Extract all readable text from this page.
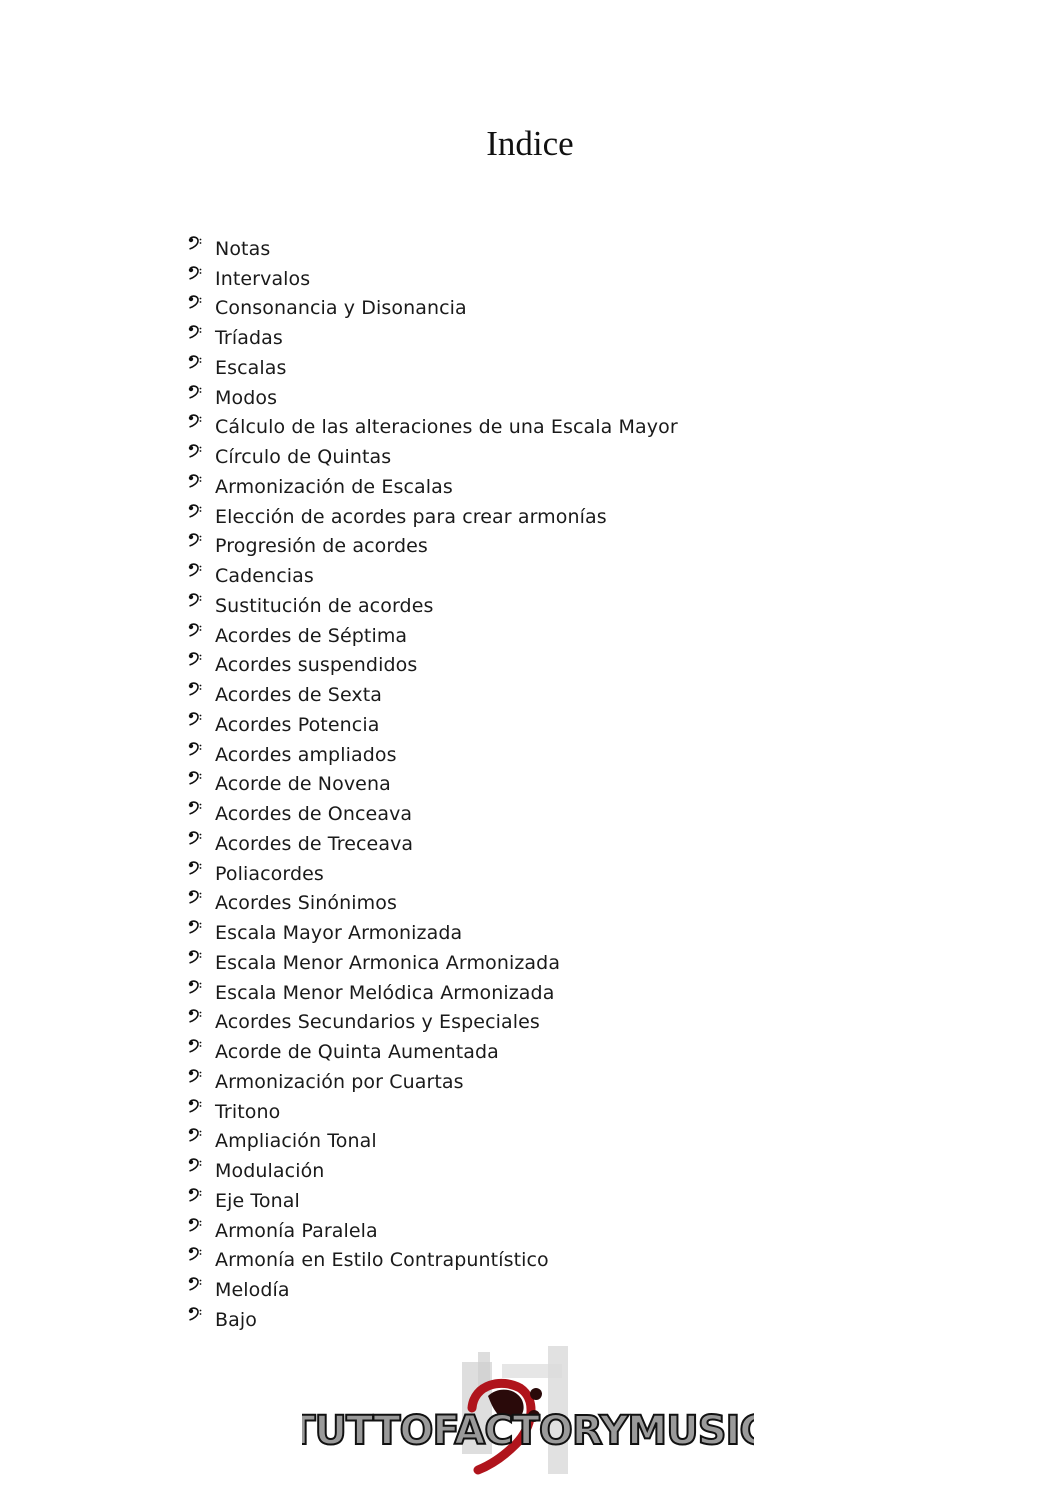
Indice
Notas
Intervalos
Consonancia y Disonancia
Tríadas
Escalas
Modos
Cálculo de las alteraciones de una Escala Mayor
Círculo de Quintas
Armonización de Escalas
Elección de acordes para crear armonías
Progresión de acordes
Cadencias
Sustitución de acordes
Acordes de Séptima
Acordes suspendidos
Acordes de Sexta
Acordes Potencia
Acordes ampliados
Acorde de Novena
Acordes de Onceava
Acordes de Treceava
Poliacordes
Acordes Sinónimos
Escala Mayor Armonizada
Escala Menor Armonica Armonizada
Escala Menor Melódica Armonizada
Acordes Secundarios y Especiales
Acorde de Quinta Aumentada
Armonización por Cuartas
Tritono
Ampliación Tonal
Modulación
Eje Tonal
Armonía Paralela
Armonía en Estilo Contrapuntístico
Melodía
Bajo
TUTTOFACTORYMUSIC
